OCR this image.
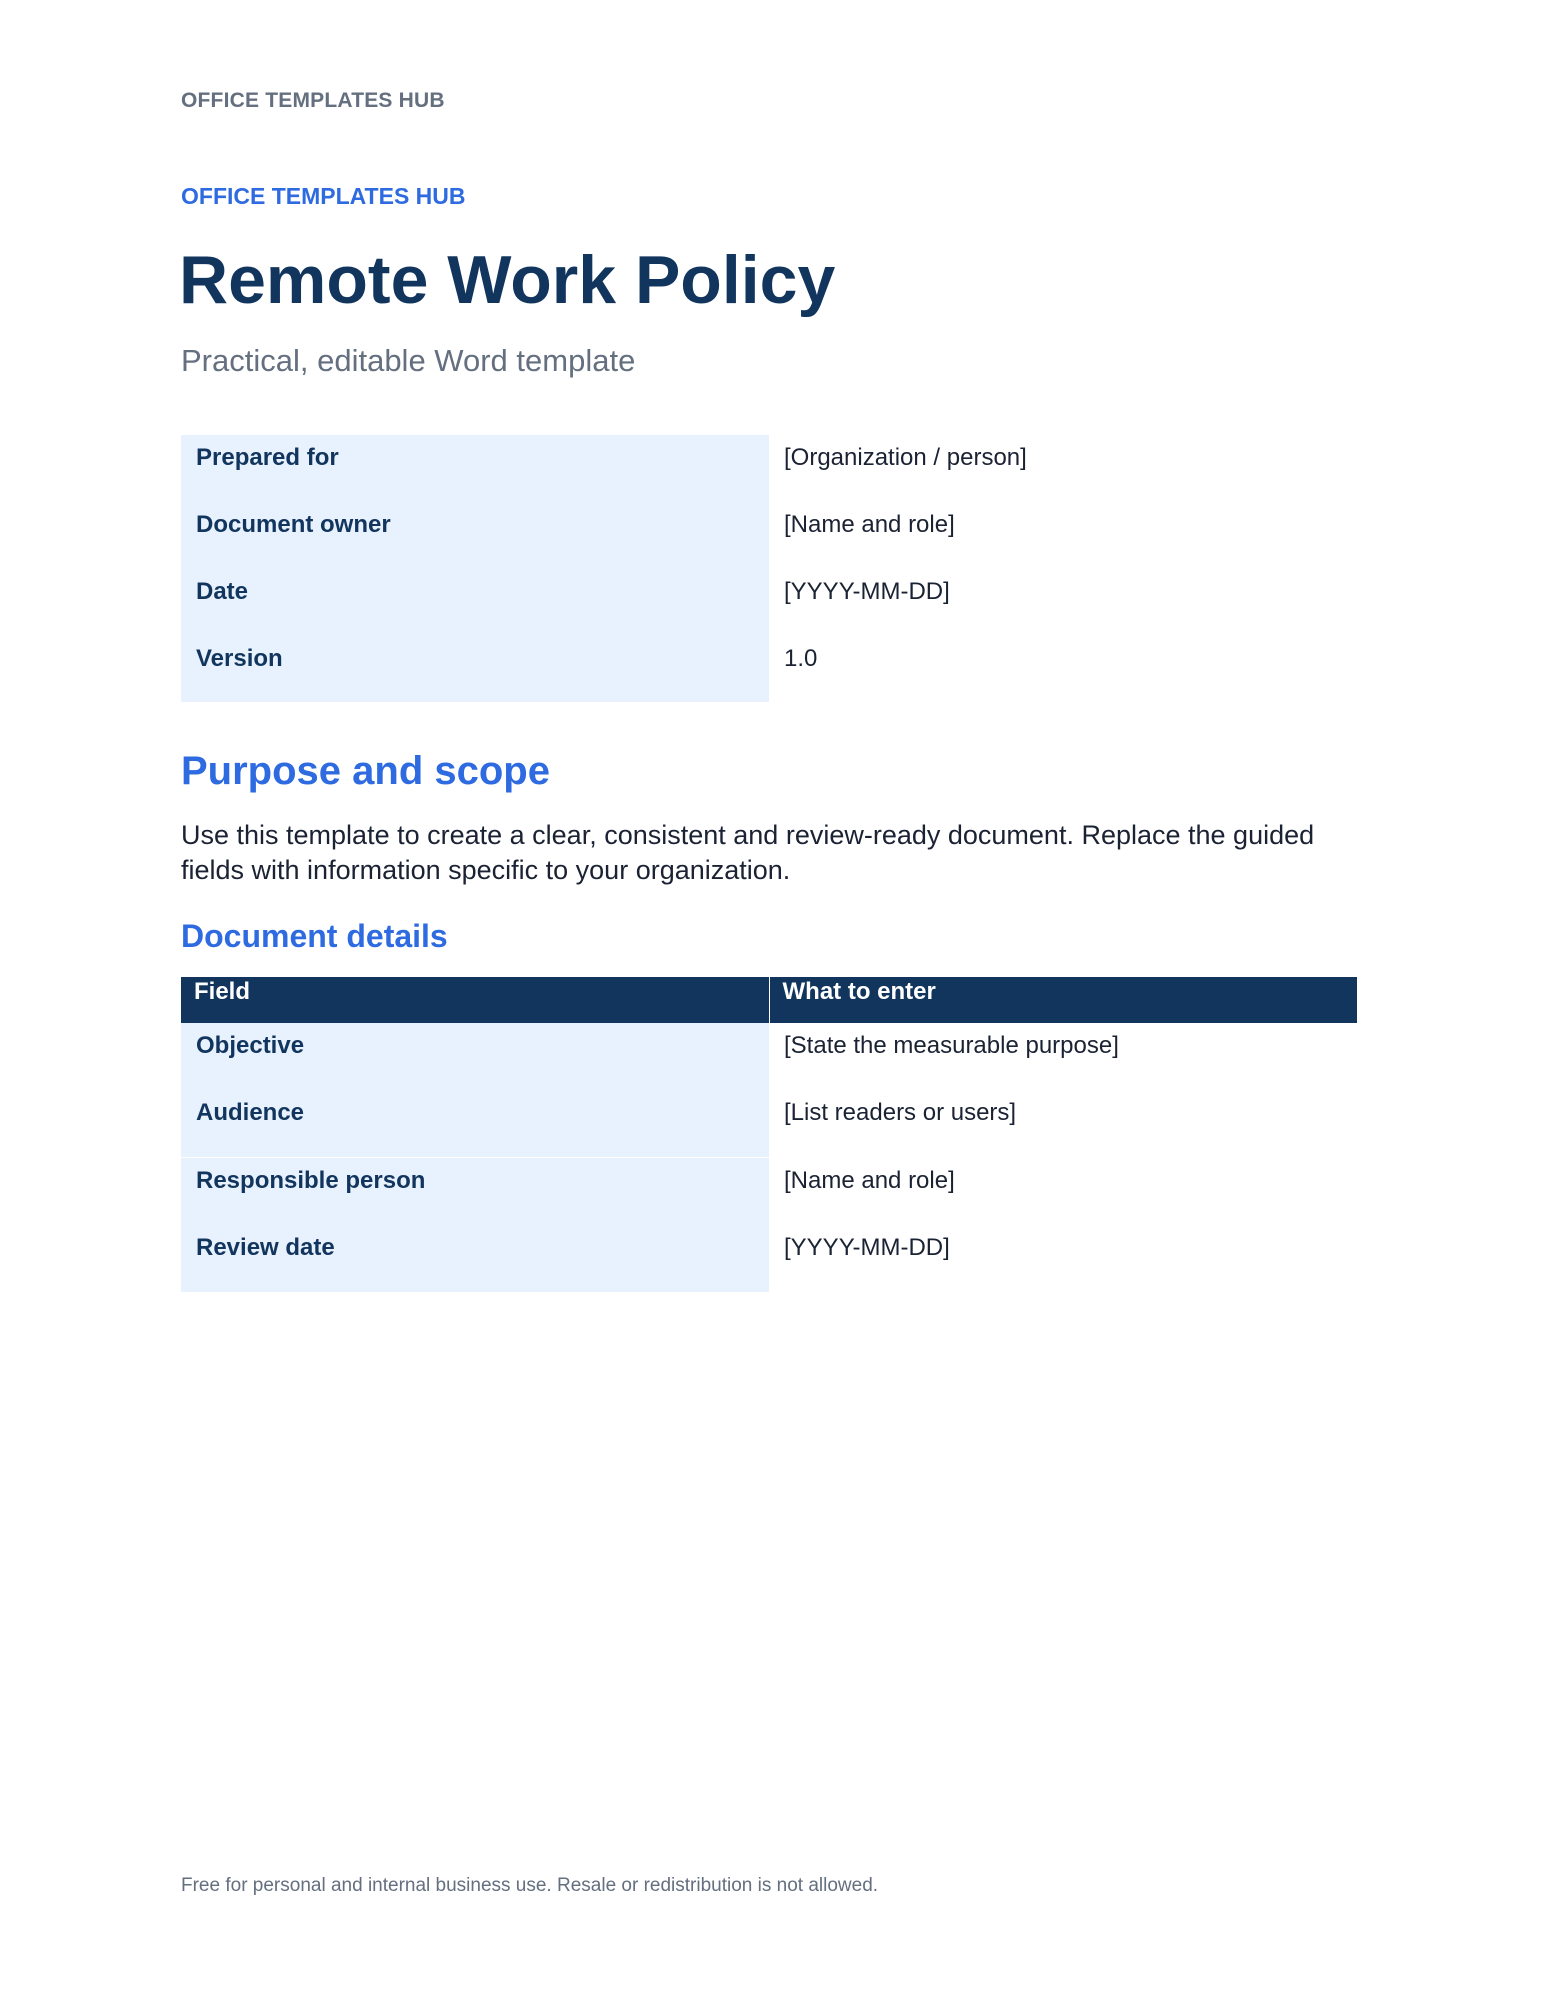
OFFICE TEMPLATES HUB
OFFICE TEMPLATES HUB
Remote Work Policy
Practical, editable Word template
Prepared for	[Organization / person]

Document owner	[Name and role]

Date	[YYYY-MM-DD]

Version	1.0
Purpose and scope
Use this template to create a clear, consistent and review-ready document. Replace the guided fields with information specific to your organization.
Document details
Field	What to enter

Objective	[State the measurable purpose]

Audience	[List readers or users]

Responsible person	[Name and role]

Review date	[YYYY-MM-DD]
Free for personal and internal business use. Resale or redistribution is not allowed.
